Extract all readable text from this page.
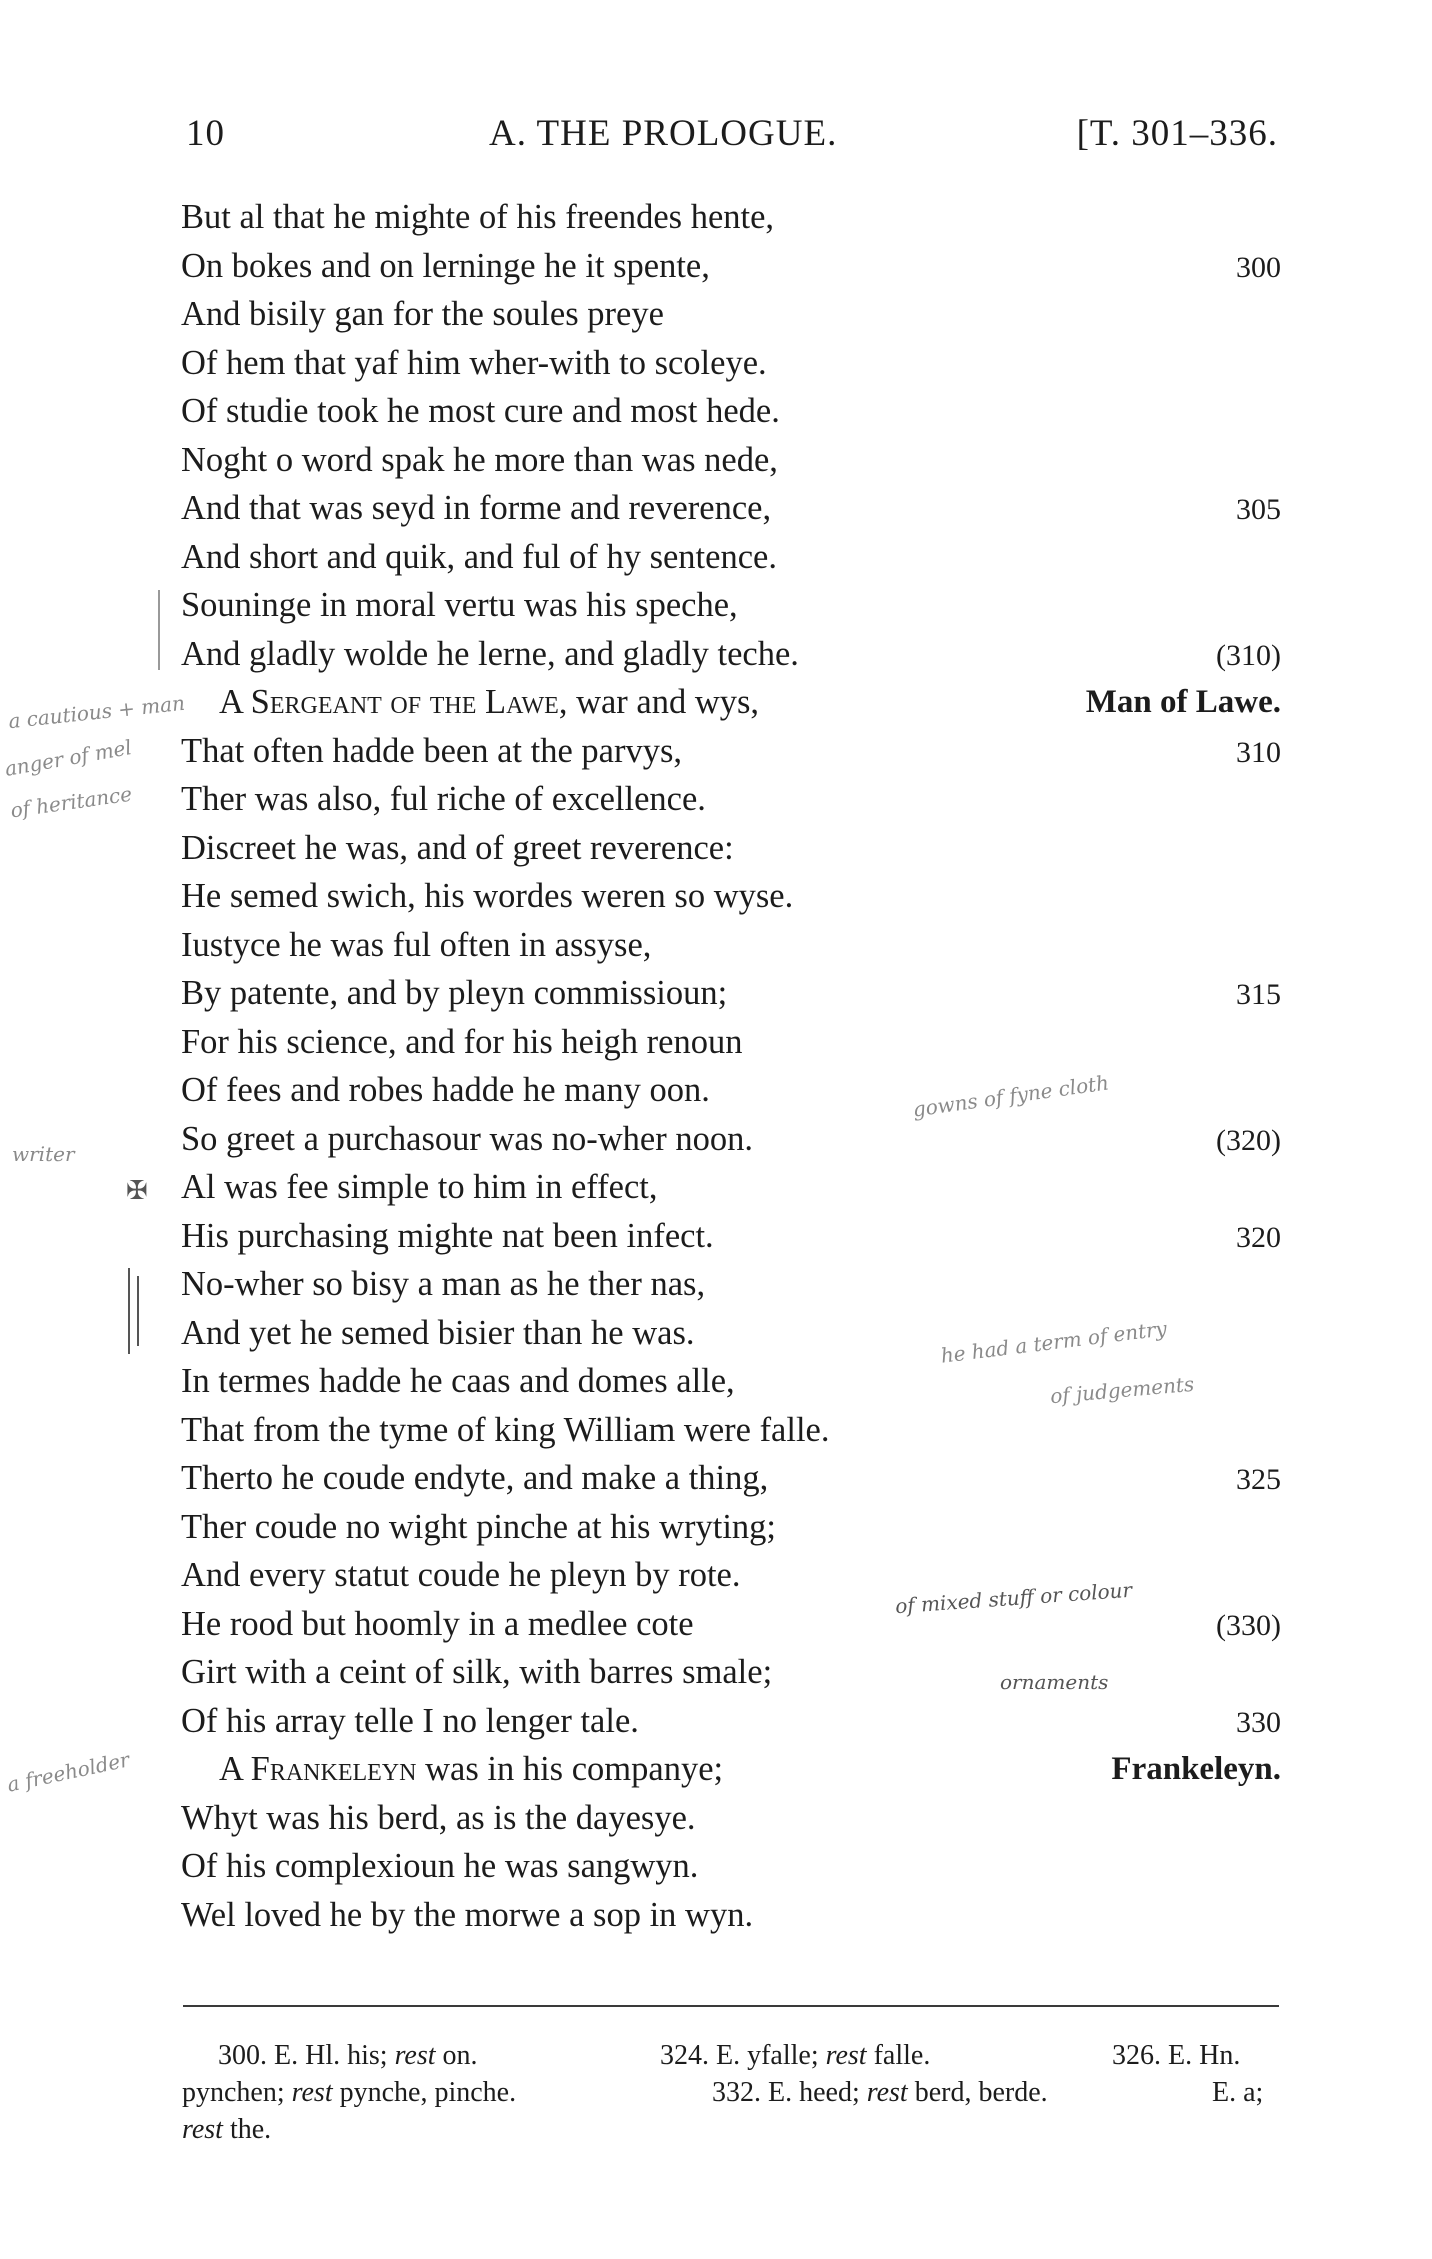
10	A. THE PROLOGUE.	[T. 301–336.
But al that he mighte of his freendes hente,
On bokes and on lerninge he it spente,	300
And bisily gan for the soules preye
Of hem that yaf him wher-with to scoleye.
Of studie took he most cure and most hede.
Noght o word spak he more than was nede,
And that was seyd in forme and reverence,	305
And short and quik, and ful of hy sentence.
Souninge in moral vertu was his speche,
And gladly wolde he lerne, and gladly teche.	(310)
A Sergeant of the Lawe, war and wys,	Man of Lawe.
That often hadde been at the parvys,	310
Ther was also, ful riche of excellence.
Discreet he was, and of greet reverence:
He semed swich, his wordes weren so wyse.
Iustyce he was ful often in assyse,
By patente, and by pleyn commissioun;	315
For his science, and for his heigh renoun
Of fees and robes hadde he many oon.
So greet a purchasour was no-wher noon.	(320)
Al was fee simple to him in effect,
His purchasing mighte nat been infect.	320
No-wher so bisy a man as he ther nas,
And yet he semed bisier than he was.
In termes hadde he caas and domes alle,
That from the tyme of king William were falle.
Therto he coude endyte, and make a thing,	325
Ther coude no wight pinche at his wryting;
And every statut coude he pleyn by rote.
He rood but hoomly in a medlee cote	(330)
Girt with a ceint of silk, with barres smale;
Of his array telle I no lenger tale.	330
A Frankeleyn was in his companye;	Frankeleyn.
Whyt was his berd, as is the dayesye.
Of his complexioun he was sangwyn.
Wel loved he by the morwe a sop in wyn.
300. E. Hl. his; rest on.	324. E. yfalle; rest falle.	326. E. Hn.
pynchen; rest pynche, pinche.	332. E. heed; rest berd, berde.	E. a;
rest the.
a cautious + man
anger of mel
of heritance
gowns of fyne cloth
writer
he had a term of entry
of judgements
of mixed stuff or colour
ornaments
a freeholder
✠
